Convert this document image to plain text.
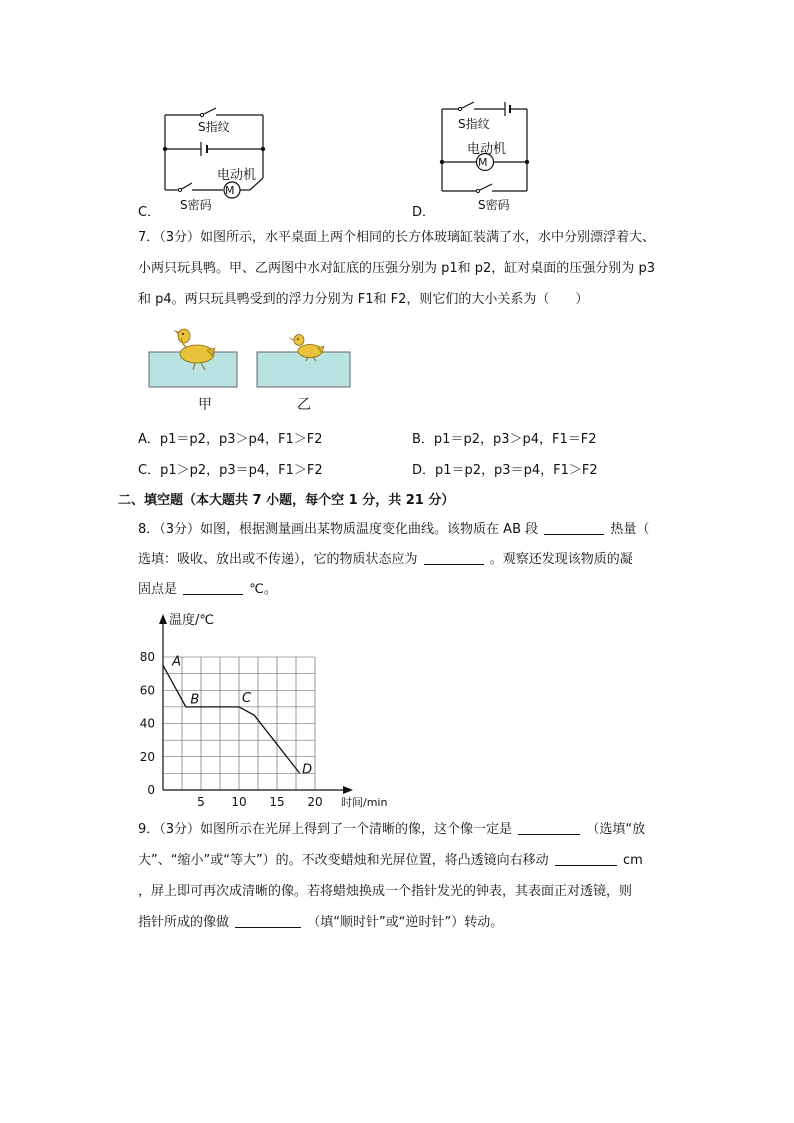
M
S指纹
电动机
S密码
C．
M
S指纹
电动机
S密码
D．
7．（3分）如图所示，水平桌面上两个相同的长方体玻璃缸装满了水，水中分别漂浮着大、
小两只玩具鸭。甲、乙两图中水对缸底的压强分别为 p1和 p2，缸对桌面的压强分别为 p3
和 p4。两只玩具鸭受到的浮力分别为 F1和 F2，则它们的大小关系为（　　）
甲	乙
A．p1＝p2，p3＞p4，F1＞F2	B．p1＝p2，p3＞p4，F1＝F2
C．p1＞p2，p3＝p4，F1＞F2	D．p1＝p2，p3＝p4，F1＞F2
二、填空题（本大题共 7 小题，每个空 1 分，共 21 分）
8．（3分）如图，根据测量画出某物质温度变化曲线。该物质在 AB 段	热量（
选填：吸收、放出或不传递），它的物质状态应为	。观察还发现该物质的凝
固点是	℃。
0
20
40
60
80
5 10 15 20
温度/℃
时间/min
A
B	C
D
9．（3分）如图所示在光屏上得到了一个清晰的像，这个像一定是	（选填“放
大”、“缩小”或“等大”）的。不改变蜡烛和光屏位置，将凸透镜向右移动	cm
，屏上即可再次成清晰的像。若将蜡烛换成一个指针发光的钟表，其表面正对透镜，则
指针所成的像做	（填“顺时针”或“逆时针”）转动。
